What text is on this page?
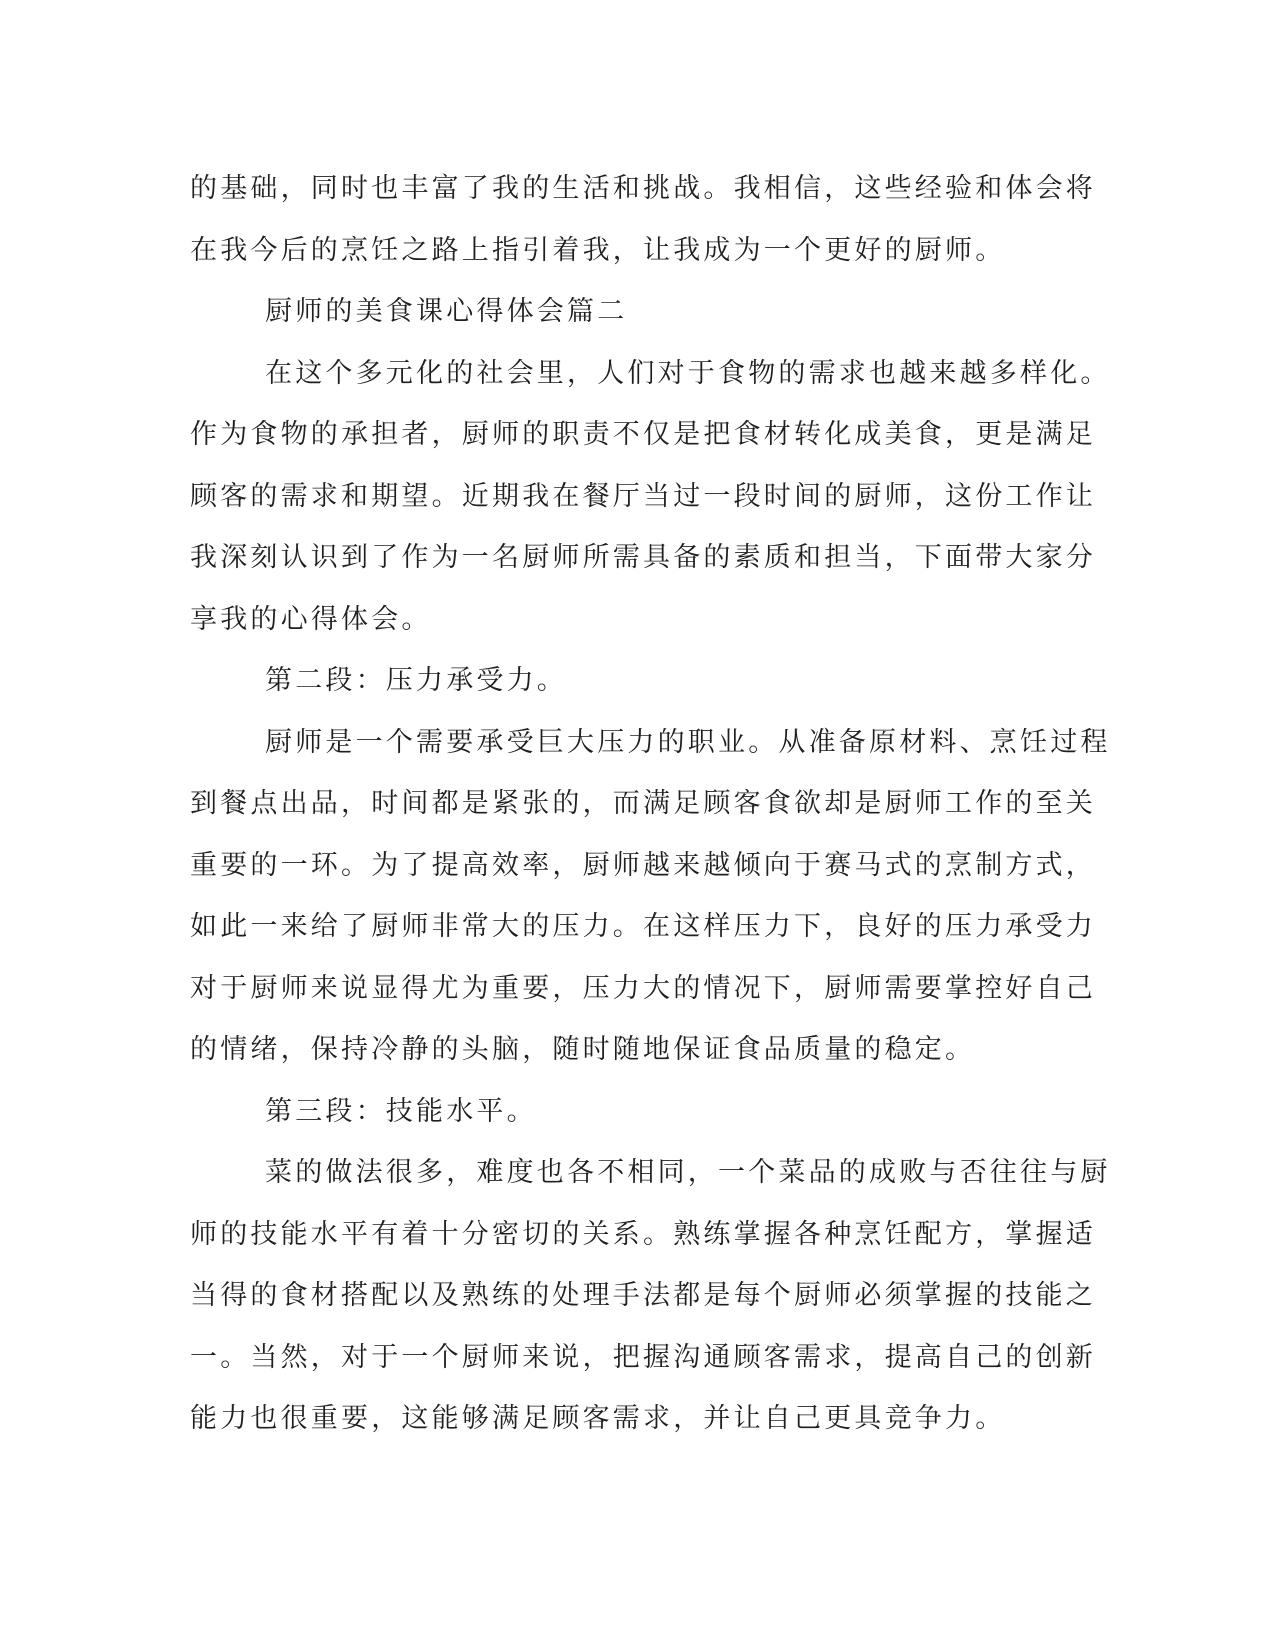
的基础，同时也丰富了我的生活和挑战。我相信，这些经验和体会将
在我今后的烹饪之路上指引着我，让我成为一个更好的厨师。
厨师的美食课心得体会篇二
在这个多元化的社会里，人们对于食物的需求也越来越多样化。
作为食物的承担者，厨师的职责不仅是把食材转化成美食，更是满足
顾客的需求和期望。近期我在餐厅当过一段时间的厨师，这份工作让
我深刻认识到了作为一名厨师所需具备的素质和担当，下面带大家分
享我的心得体会。
第二段：压力承受力。
厨师是一个需要承受巨大压力的职业。从准备原材料、烹饪过程
到餐点出品，时间都是紧张的，而满足顾客食欲却是厨师工作的至关
重要的一环。为了提高效率，厨师越来越倾向于赛马式的烹制方式，
如此一来给了厨师非常大的压力。在这样压力下，良好的压力承受力
对于厨师来说显得尤为重要，压力大的情况下，厨师需要掌控好自己
的情绪，保持冷静的头脑，随时随地保证食品质量的稳定。
第三段：技能水平。
菜的做法很多，难度也各不相同，一个菜品的成败与否往往与厨
师的技能水平有着十分密切的关系。熟练掌握各种烹饪配方，掌握适
当得的食材搭配以及熟练的处理手法都是每个厨师必须掌握的技能之
一。当然，对于一个厨师来说，把握沟通顾客需求，提高自己的创新
能力也很重要，这能够满足顾客需求，并让自己更具竞争力。
